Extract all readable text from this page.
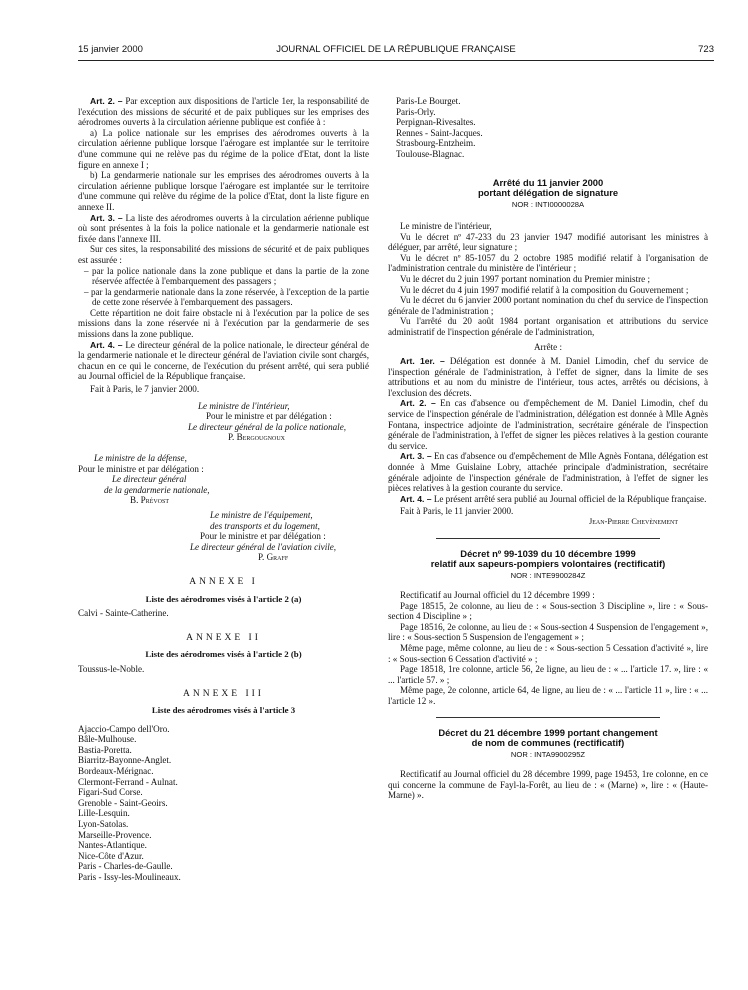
15 janvier 2000	JOURNAL OFFICIEL DE LA RÉPUBLIQUE FRANÇAISE	723

Art. 2. – Par exception aux dispositions de l'article 1er, la responsabilité de l'exécution des missions de sécurité et de paix publiques sur les emprises des aérodromes ouverts à la circulation aérienne publique est confiée à :

a) La police nationale sur les emprises des aérodromes ouverts à la circulation aérienne publique lorsque l'aérogare est implantée sur le territoire d'une commune qui ne relève pas du régime de la police d'Etat, dont la liste figure en annexe I ;

b) La gendarmerie nationale sur les emprises des aérodromes ouverts à la circulation aérienne publique lorsque l'aérogare est implantée sur le territoire d'une commune qui relève du régime de la police d'Etat, dont la liste figure en annexe II.

Art. 3. – La liste des aérodromes ouverts à la circulation aérienne publique où sont présentes à la fois la police nationale et la gendarmerie nationale est fixée dans l'annexe III.

Sur ces sites, la responsabilité des missions de sécurité et de paix publiques est assurée :

– par la police nationale dans la zone publique et dans la partie de la zone réservée affectée à l'embarquement des passagers ;

– par la gendarmerie nationale dans la zone réservée, à l'exception de la partie de cette zone réservée à l'embarquement des passagers.

Cette répartition ne doit faire obstacle ni à l'exécution par la police de ses missions dans la zone réservée ni à l'exécution par la gendarmerie de ses missions dans la zone publique.

Art. 4. – Le directeur général de la police nationale, le directeur général de la gendarmerie nationale et le directeur général de l'aviation civile sont chargés, chacun en ce qui le concerne, de l'exécution du présent arrêté, qui sera publié au Journal officiel de la République française.

Fait à Paris, le 7 janvier 2000.

Le ministre de l'intérieur,
Pour le ministre et par délégation :
Le directeur général de la police nationale,
P. Bergougnoux
Le ministre de la défense,
Pour le ministre et par délégation :
Le directeur général
de la gendarmerie nationale,
B. Prévost
Le ministre de l'équipement,
des transports et du logement,
Pour le ministre et par délégation :
Le directeur général de l'aviation civile,
P. Graff
ANNEXE I
Liste des aérodromes visés à l'article 2 (a)
Calvi - Sainte-Catherine.
ANNEXE II
Liste des aérodromes visés à l'article 2 (b)
Toussus-le-Noble.
ANNEXE III
Liste des aérodromes visés à l'article 3
Ajaccio-Campo dell'Oro.
Bâle-Mulhouse.
Bastia-Poretta.
Biarritz-Bayonne-Anglet.
Bordeaux-Mérignac.
Clermont-Ferrand - Aulnat.
Figari-Sud Corse.
Grenoble - Saint-Geoirs.
Lille-Lesquin.
Lyon-Satolas.
Marseille-Provence.
Nantes-Atlantique.
Nice-Côte d'Azur.
Paris - Charles-de-Gaulle.
Paris - Issy-les-Moulineaux.
Paris-Le Bourget.
Paris-Orly.
Perpignan-Rivesaltes.
Rennes - Saint-Jacques.
Strasbourg-Entzheim.
Toulouse-Blagnac.
Arrêté du 11 janvier 2000
portant délégation de signature
NOR : INTI0000028A

Le ministre de l'intérieur,

Vu le décret nº 47-233 du 23 janvier 1947 modifié autorisant les ministres à déléguer, par arrêté, leur signature ;

Vu le décret nº 85-1057 du 2 octobre 1985 modifié relatif à l'organisation de l'administration centrale du ministère de l'intérieur ;

Vu le décret du 2 juin 1997 portant nomination du Premier ministre ;

Vu le décret du 4 juin 1997 modifié relatif à la composition du Gouvernement ;

Vu le décret du 6 janvier 2000 portant nomination du chef du service de l'inspection générale de l'administration ;

Vu l'arrêté du 20 août 1984 portant organisation et attributions du service administratif de l'inspection générale de l'administration,

Arrête :

Art. 1er. – Délégation est donnée à M. Daniel Limodin, chef du service de l'inspection générale de l'administration, à l'effet de signer, dans la limite de ses attributions et au nom du ministre de l'intérieur, tous actes, arrêtés ou décisions, à l'exclusion des décrets.

Art. 2. – En cas d'absence ou d'empêchement de M. Daniel Limodin, chef du service de l'inspection générale de l'administration, délégation est donnée à Mlle Agnès Fontana, inspectrice adjointe de l'administration, secrétaire générale de l'inspection générale de l'administration, à l'effet de signer les pièces relatives à la gestion courante du service.

Art. 3. – En cas d'absence ou d'empêchement de Mlle Agnès Fontana, délégation est donnée à Mme Guislaine Lobry, attachée principale d'administration, secrétaire générale adjointe de l'inspection générale de l'administration, à l'effet de signer les pièces relatives à la gestion courante du service.

Art. 4. – Le présent arrêté sera publié au Journal officiel de la République française.

Fait à Paris, le 11 janvier 2000.

Jean-Pierre Chevènement
Décret nº 99-1039 du 10 décembre 1999
relatif aux sapeurs-pompiers volontaires (rectificatif)
NOR : INTE9900284Z

Rectificatif au Journal officiel du 12 décembre 1999 :

Page 18515, 2e colonne, au lieu de : « Sous-section 3 Discipline », lire : « Sous-section 4 Discipline » ;

Page 18516, 2e colonne, au lieu de : « Sous-section 4 Suspension de l'engagement », lire : « Sous-section 5 Suspension de l'engagement » ;

Même page, même colonne, au lieu de : « Sous-section 5 Cessation d'activité », lire : « Sous-section 6 Cessation d'activité » ;

Page 18518, 1re colonne, article 56, 2e ligne, au lieu de : « ... l'article 17. », lire : « ... l'article 57. » ;

Même page, 2e colonne, article 64, 4e ligne, au lieu de : « ... l'article 11 », lire : « ... l'article 12 ».

Décret du 21 décembre 1999 portant changement
de nom de communes (rectificatif)
NOR : INTA9900295Z

Rectificatif au Journal officiel du 28 décembre 1999, page 19453, 1re colonne, en ce qui concerne la commune de Fayl-la-Forêt, au lieu de : « (Marne) », lire : « (Haute-Marne) ».
